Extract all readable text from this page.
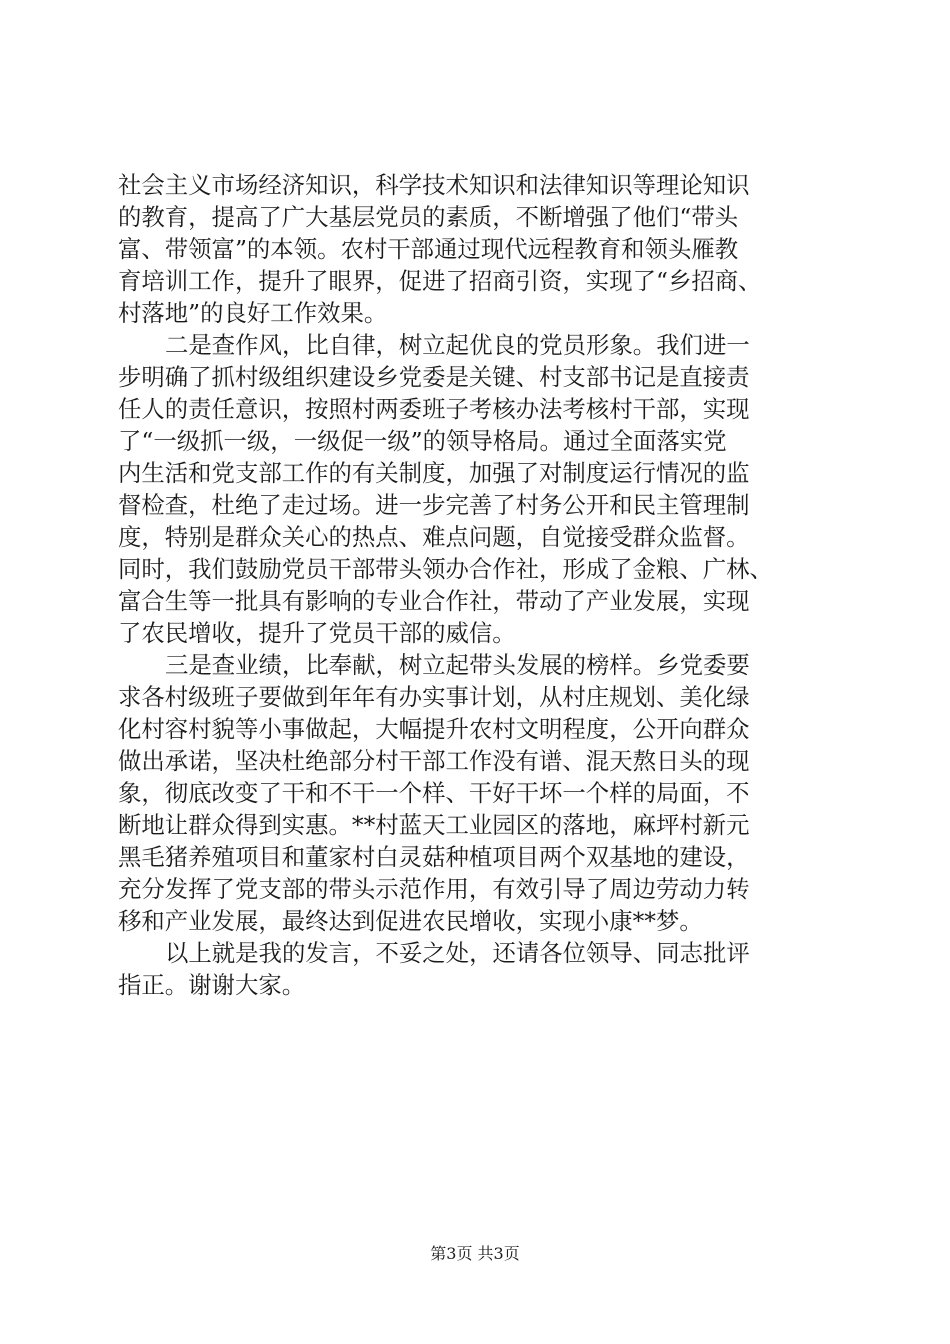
社会主义市场经济知识，科学技术知识和法律知识等理论知识
的教育，提高了广大基层党员的素质，不断增强了他们“带头
富、带领富”的本领。农村干部通过现代远程教育和领头雁教
育培训工作，提升了眼界，促进了招商引资，实现了“乡招商、
村落地”的良好工作效果。
二是查作风，比自律，树立起优良的党员形象。我们进一
步明确了抓村级组织建设乡党委是关键、村支部书记是直接责
任人的责任意识，按照村两委班子考核办法考核村干部，实现
了“一级抓一级，一级促一级”的领导格局。通过全面落实党
内生活和党支部工作的有关制度，加强了对制度运行情况的监
督检查，杜绝了走过场。进一步完善了村务公开和民主管理制
度，特别是群众关心的热点、难点问题，自觉接受群众监督。
同时，我们鼓励党员干部带头领办合作社，形成了金粮、广林、
富合生等一批具有影响的专业合作社，带动了产业发展，实现
了农民增收，提升了党员干部的威信。
三是查业绩，比奉献，树立起带头发展的榜样。乡党委要
求各村级班子要做到年年有办实事计划，从村庄规划、美化绿
化村容村貌等小事做起，大幅提升农村文明程度，公开向群众
做出承诺，坚决杜绝部分村干部工作没有谱、混天熬日头的现
象，彻底改变了干和不干一个样、干好干坏一个样的局面，不
断地让群众得到实惠。**村蓝天工业园区的落地，麻坪村新元
黑毛猪养殖项目和董家村白灵菇种植项目两个双基地的建设，
充分发挥了党支部的带头示范作用，有效引导了周边劳动力转
移和产业发展，最终达到促进农民增收，实现小康**梦。
以上就是我的发言，不妥之处，还请各位领导、同志批评
指正。谢谢大家。
第3页 共3页
